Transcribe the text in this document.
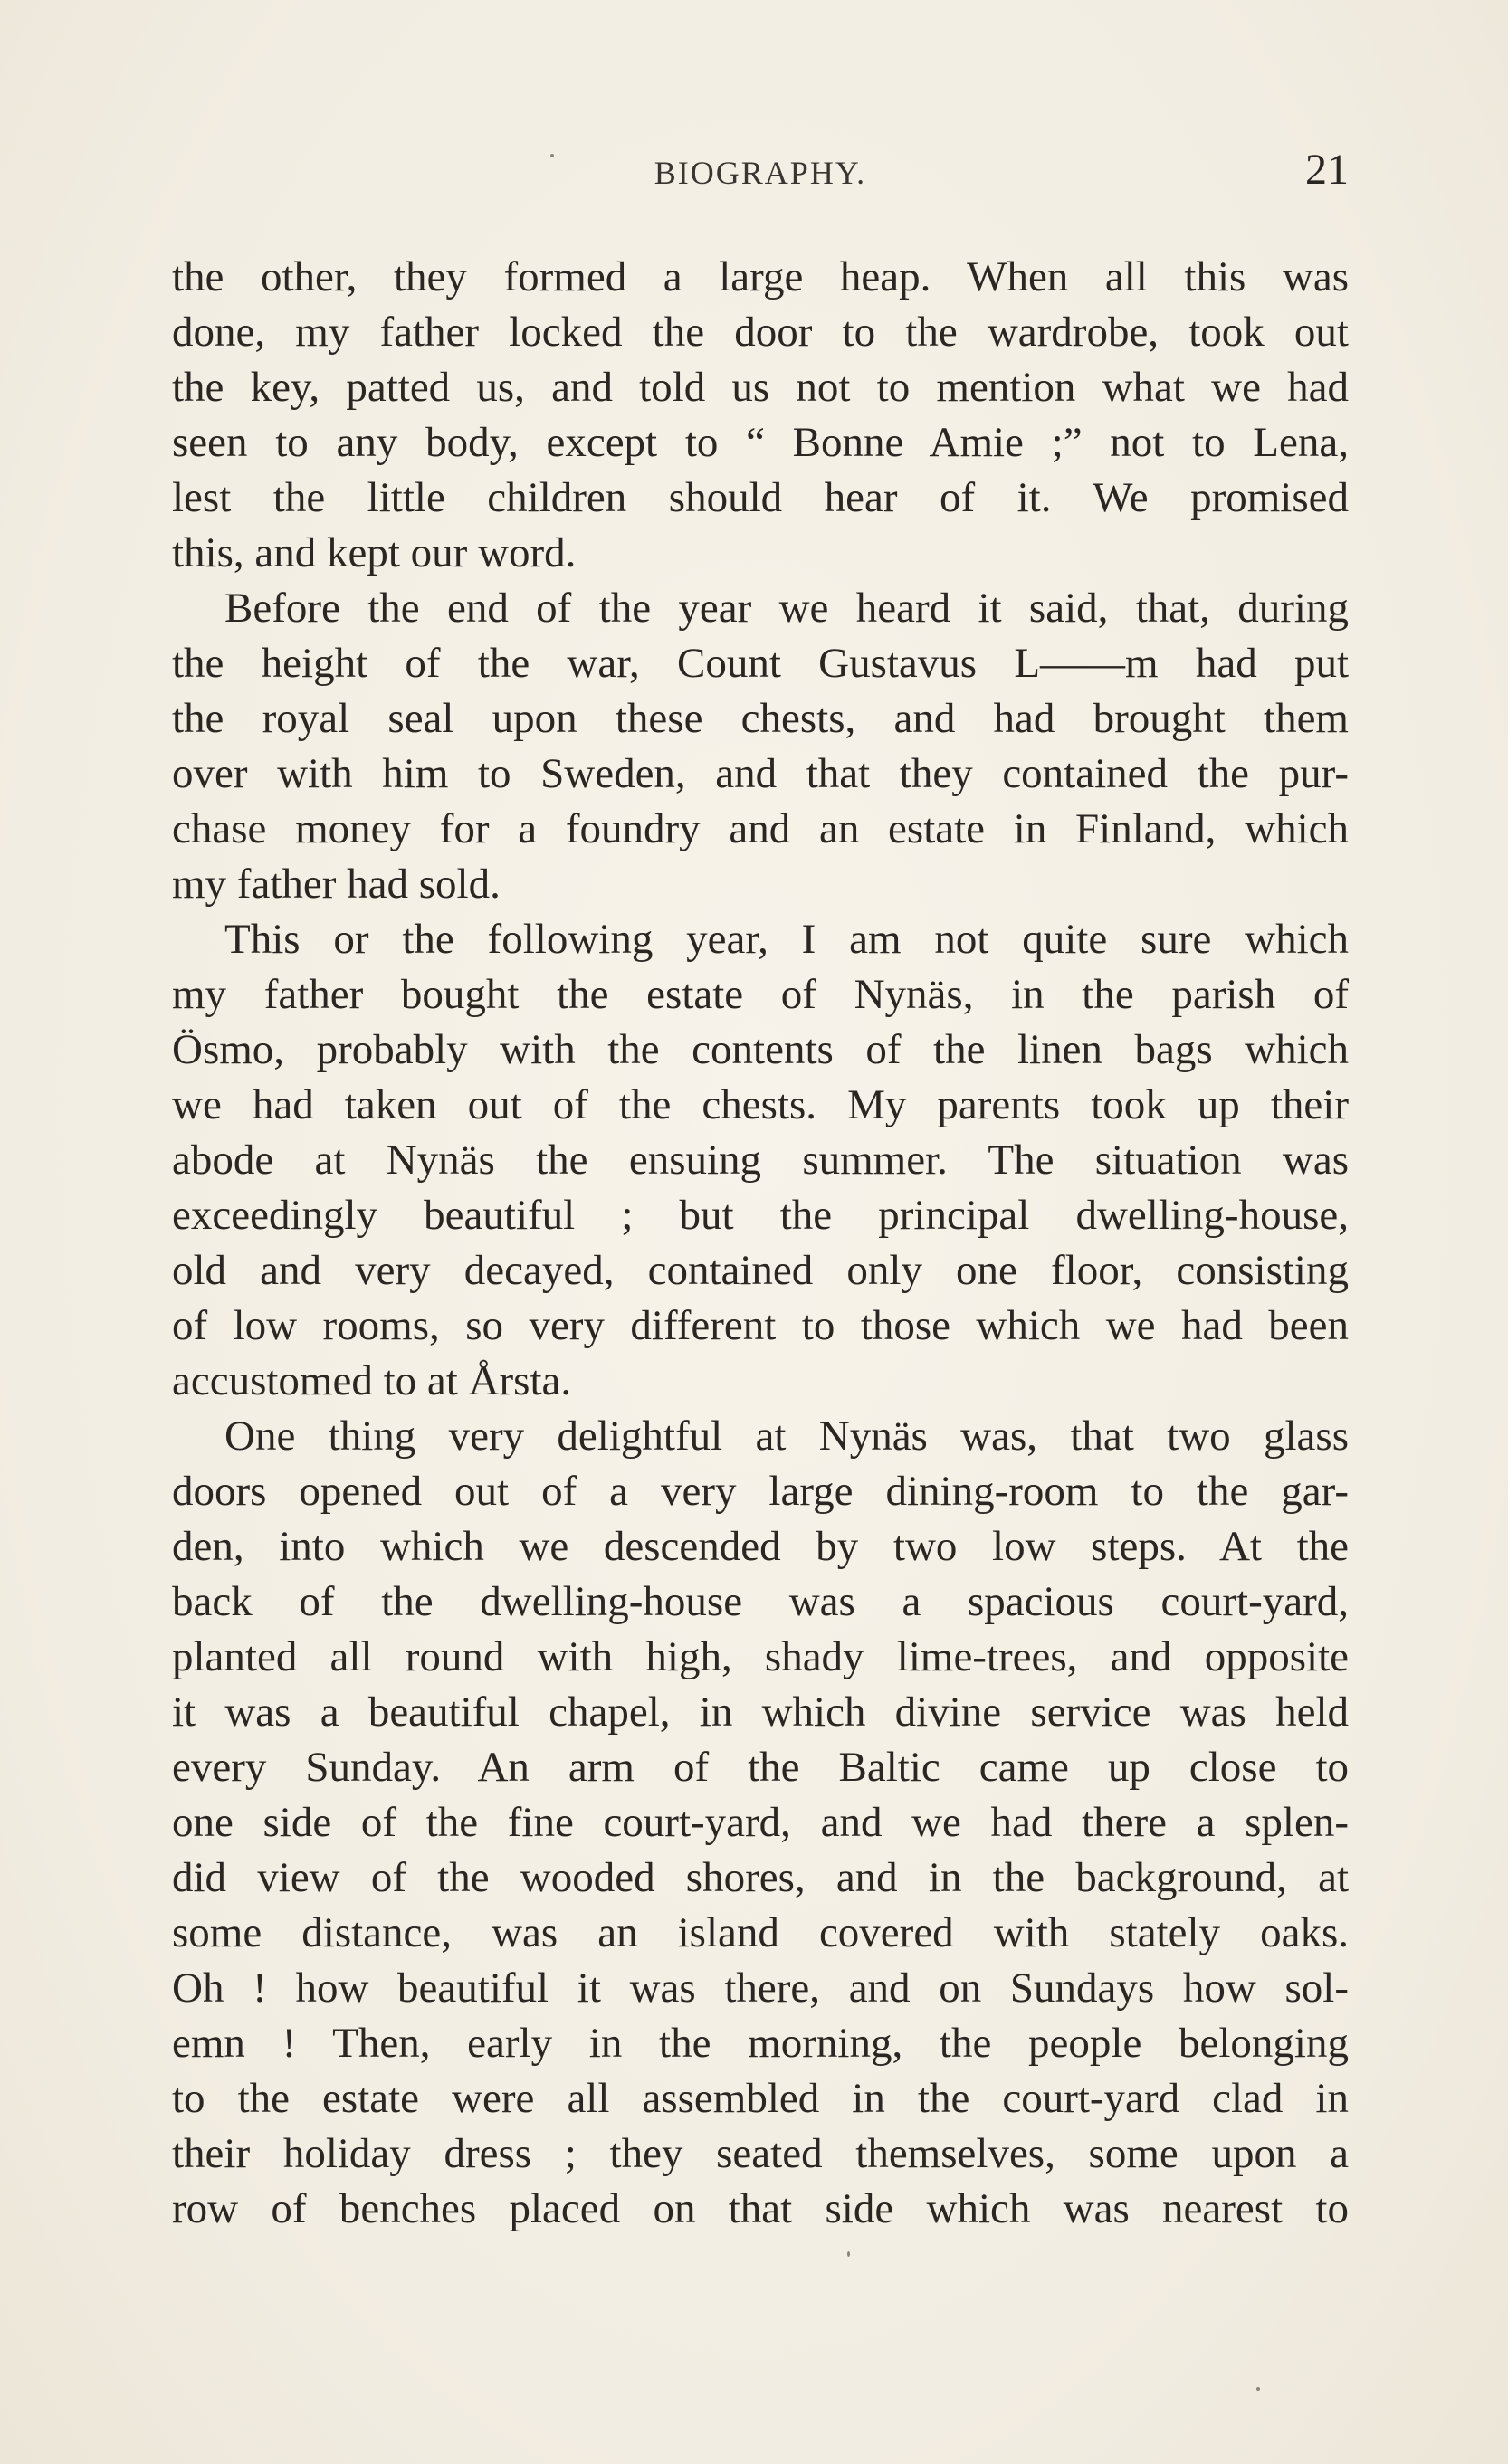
BIOGRAPHY.	21
the other, they formed a large heap. When all this was
done, my father locked the door to the wardrobe, took out
the key, patted us, and told us not to mention what we had
seen to any body, except to “ Bonne Amie ;” not to Lena,
lest the little children should hear of it. We promised
this, and kept our word.
Before the end of the year we heard it said, that, during
the height of the war, Count Gustavus L——m had put
the royal seal upon these chests, and had brought them
over with him to Sweden, and that they contained the pur-
chase money for a foundry and an estate in Finland, which
my father had sold.
This or the following year, I am not quite sure which
my father bought the estate of Nynäs, in the parish of
Ösmo, probably with the contents of the linen bags which
we had taken out of the chests. My parents took up their
abode at Nynäs the ensuing summer. The situation was
exceedingly beautiful ; but the principal dwelling-house,
old and very decayed, contained only one floor, consisting
of low rooms, so very different to those which we had been
accustomed to at Årsta.
One thing very delightful at Nynäs was, that two glass
doors opened out of a very large dining-room to the gar-
den, into which we descended by two low steps. At the
back of the dwelling-house was a spacious court-yard,
planted all round with high, shady lime-trees, and opposite
it was a beautiful chapel, in which divine service was held
every Sunday. An arm of the Baltic came up close to
one side of the fine court-yard, and we had there a splen-
did view of the wooded shores, and in the background, at
some distance, was an island covered with stately oaks.
Oh ! how beautiful it was there, and on Sundays how sol-
emn ! Then, early in the morning, the people belonging
to the estate were all assembled in the court-yard clad in
their holiday dress ; they seated themselves, some upon a
row of benches placed on that side which was nearest to
